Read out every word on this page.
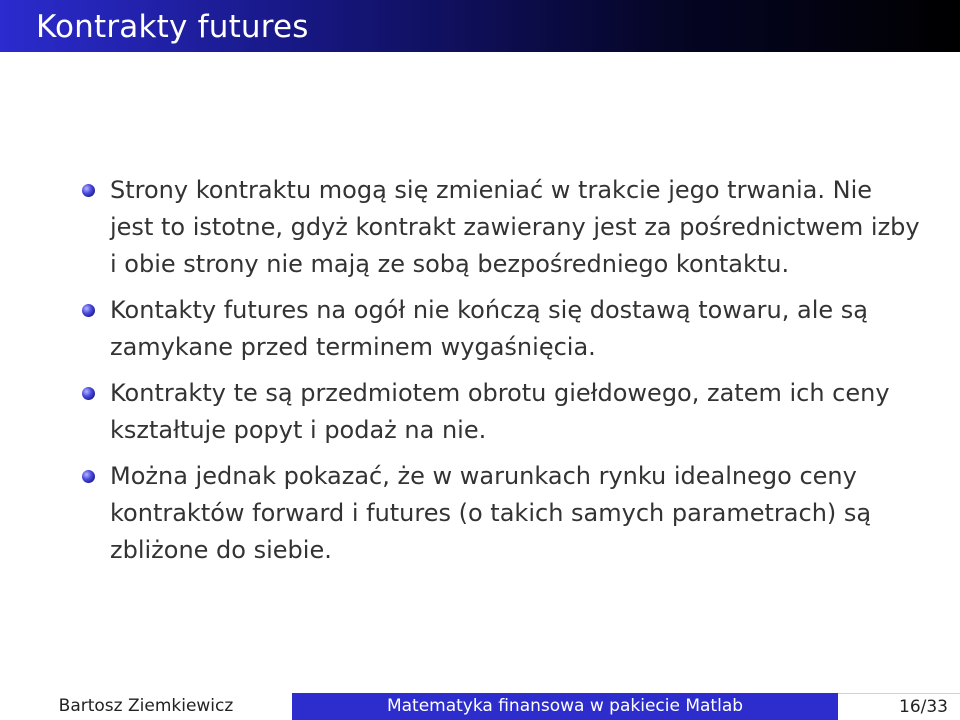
Kontrakty futures
Strony kontraktu mogą się zmieniać w trakcie jego trwania. Nie jest to istotne, gdyż kontrakt zawierany jest za pośrednictwem izby i obie strony nie mają ze sobą bezpośredniego kontaktu.
Kontakty futures na ogół nie kończą się dostawą towaru, ale są zamykane przed terminem wygaśnięcia.
Kontrakty te są przedmiotem obrotu giełdowego, zatem ich ceny kształtuje popyt i podaż na nie.
Można jednak pokazać, że w warunkach rynku idealnego ceny kontraktów forward i futures (o takich samych parametrach) są zbliżone do siebie.
Bartosz Ziemkiewicz	Matematyka finansowa w pakiecie Matlab	16/33
